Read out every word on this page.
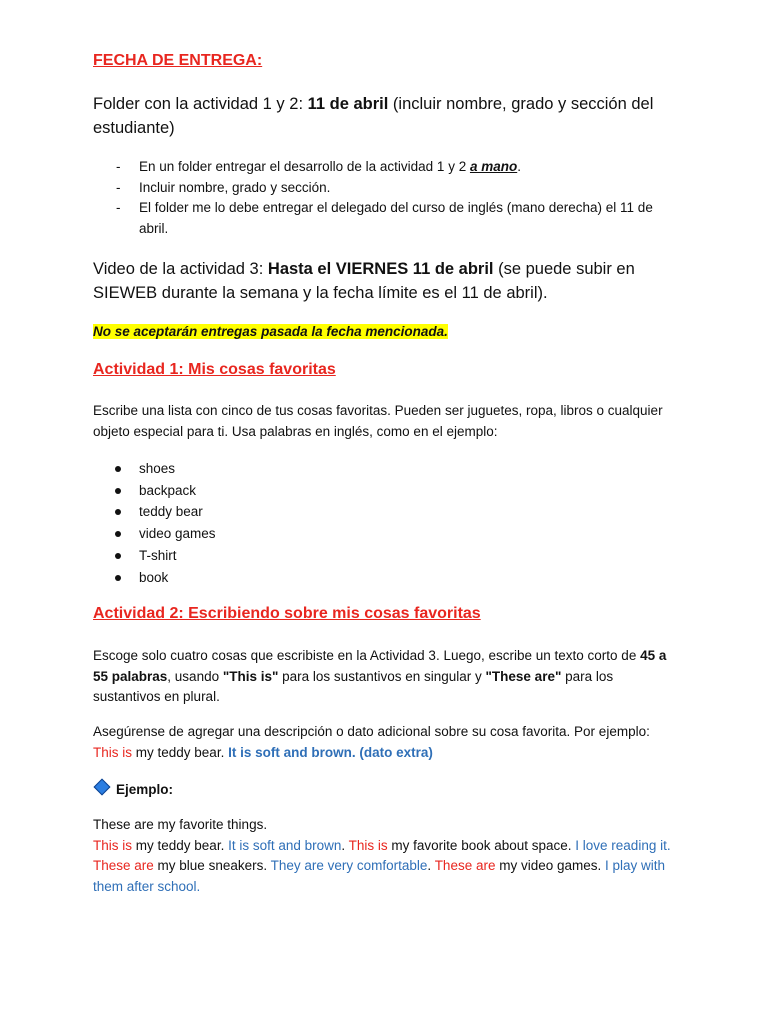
FECHA DE ENTREGA:

Folder con la actividad 1 y 2: 11 de abril (incluir nombre, grado y sección del estudiante)

- En un folder entregar el desarrollo de la actividad 1 y 2 a mano.
- Incluir nombre, grado y sección.
- El folder me lo debe entregar el delegado del curso de inglés (mano derecha) el 11 de abril.

Video de la actividad 3: Hasta el VIERNES 11 de abril (se puede subir en SIEWEB durante la semana y la fecha límite es el 11 de abril).

No se aceptarán entregas pasada la fecha mencionada.

Actividad 1: Mis cosas favoritas

Escribe una lista con cinco de tus cosas favoritas. Pueden ser juguetes, ropa, libros o cualquier objeto especial para ti. Usa palabras en inglés, como en el ejemplo:

shoes
backpack
teddy bear
video games
T-shirt
book
Actividad 2: Escribiendo sobre mis cosas favoritas

Escoge solo cuatro cosas que escribiste en la Actividad 3. Luego, escribe un texto corto de 45 a 55 palabras, usando "This is" para los sustantivos en singular y "These are" para los sustantivos en plural.

Asegúrense de agregar una descripción o dato adicional sobre su cosa favorita. Por ejemplo: This is my teddy bear. It is soft and brown. (dato extra)

Ejemplo:

These are my favorite things.
This is my teddy bear. It is soft and brown. This is my favorite book about space. I love reading it. These are my blue sneakers. They are very comfortable. These are my video games. I play with them after school.
